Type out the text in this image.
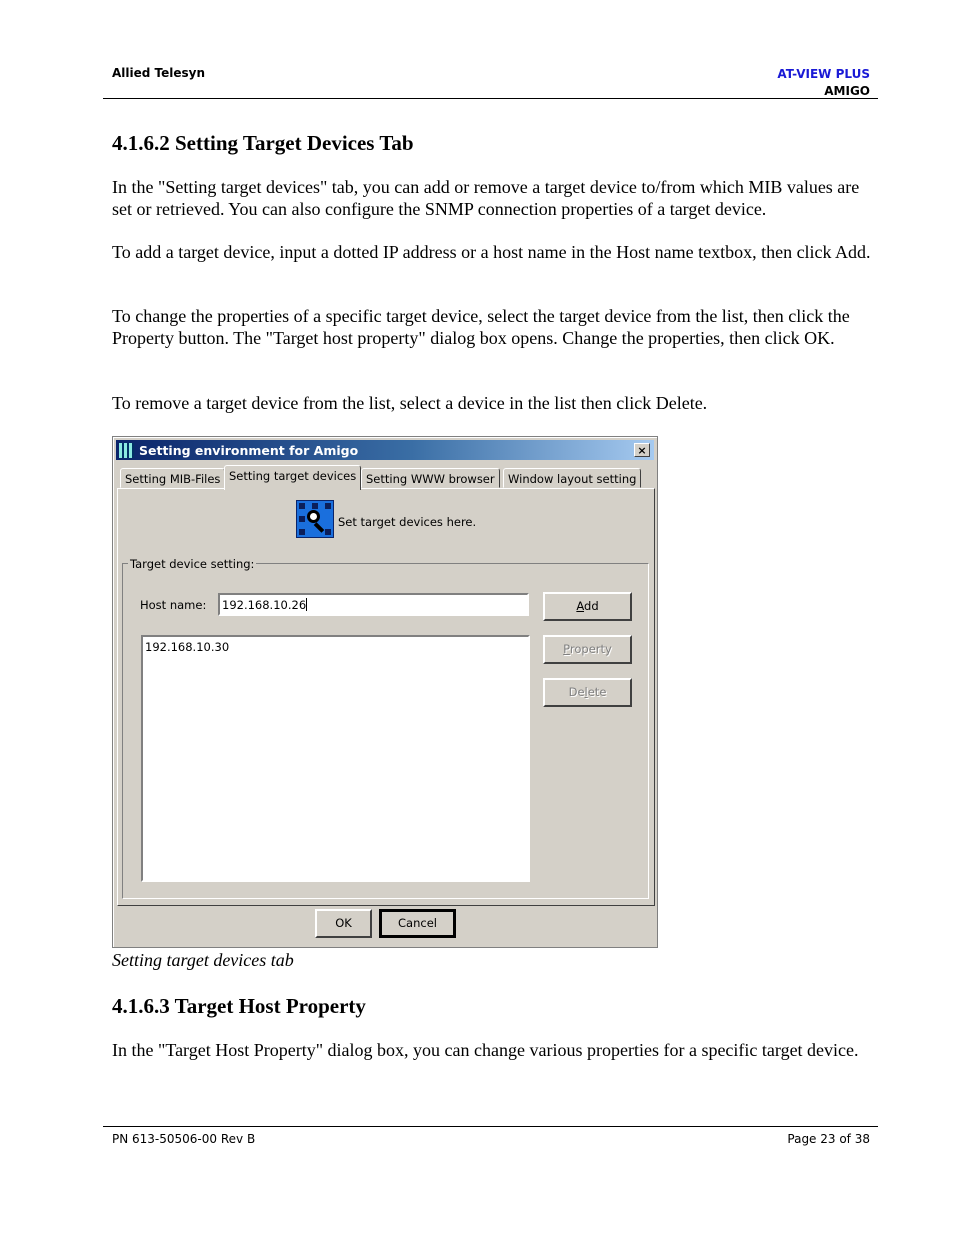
Allied Telesyn	AT-VIEW PLUS
AMIGO
4.1.6.2 Setting Target Devices Tab

In the "Setting target devices" tab, you can add or remove a target device to/from which MIB values are set or retrieved. You can also configure the SNMP connection properties of a target device.

To add a target device, input a dotted IP address or a host name in the Host name textbox, then click Add.

To change the properties of a specific target device, select the target device from the list, then click the Property button. The "Target host property" dialog box opens. Change the properties, then click OK.

To remove a target device from the list, select a device in the list then click Delete.

Setting environment for Amigo	×
Setting MIB-Files Setting target devices Setting WWW browser	Window layout setting
Set target devices here.
Target device setting:
Host name:	192.168.10.26	Add
Property
Delete
192.168.10.30
OK	Cancel
Setting target devices tab
4.1.6.3 Target Host Property

In the "Target Host Property" dialog box, you can change various properties for a specific target device.

PN 613-50506-00 Rev B	Page 23 of 38
